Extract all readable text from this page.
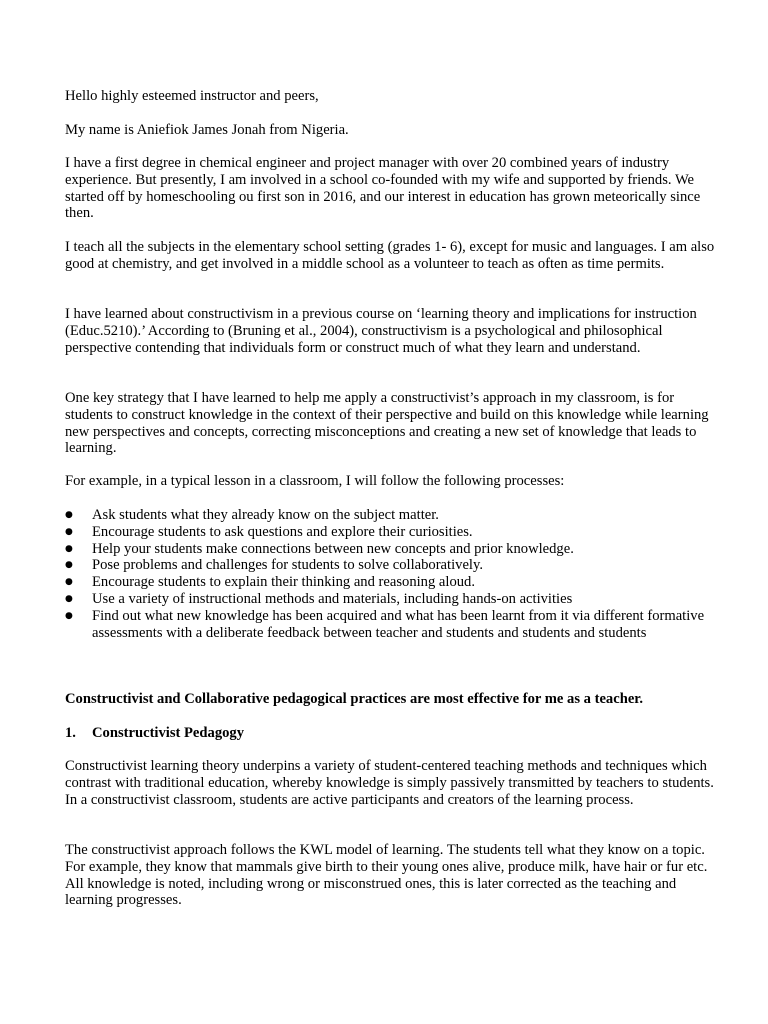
Hello highly esteemed instructor and peers,

My name is Aniefiok James Jonah from Nigeria.

I have a first degree in chemical engineer and project manager with over 20 combined years of industry experience. But presently, I am involved in a school co-founded with my wife and supported by friends. We started off by homeschooling ou first son in 2016, and our interest in education has grown meteorically since then.

I teach all the subjects in the elementary school setting (grades 1- 6), except for music and languages. I am also good at chemistry, and get involved in a middle school as a volunteer to teach as often as time permits.

I have learned about constructivism in a previous course on ‘learning theory and implications for instruction (Educ.5210).’ According to (Bruning et al., 2004), constructivism is a psychological and philosophical perspective contending that individuals form or construct much of what they learn and understand.

One key strategy that I have learned to help me apply a constructivist’s approach in my classroom, is for students to construct knowledge in the context of their perspective and build on this knowledge while learning new perspectives and concepts, correcting misconceptions and creating a new set of knowledge that leads to learning.

For example, in a typical lesson in a classroom, I will follow the following processes:

● Ask students what they already know on the subject matter.
● Encourage students to ask questions and explore their curiosities.
● Help your students make connections between new concepts and prior knowledge.
● Pose problems and challenges for students to solve collaboratively.
● Encourage students to explain their thinking and reasoning aloud.
● Use a variety of instructional methods and materials, including hands-on activities
● Find out what new knowledge has been acquired and what has been learnt from it via different formative assessments with a deliberate feedback between teacher and students and students and students

Constructivist and Collaborative pedagogical practices are most effective for me as a teacher.

1. Constructivist Pedagogy

Constructivist learning theory underpins a variety of student-centered teaching methods and techniques which contrast with traditional education, whereby knowledge is simply passively transmitted by teachers to students. In a constructivist classroom, students are active participants and creators of the learning process.

The constructivist approach follows the KWL model of learning. The students tell what they know on a topic. For example, they know that mammals give birth to their young ones alive, produce milk, have hair or fur etc. All knowledge is noted, including wrong or misconstrued ones, this is later corrected as the teaching and learning progresses.
